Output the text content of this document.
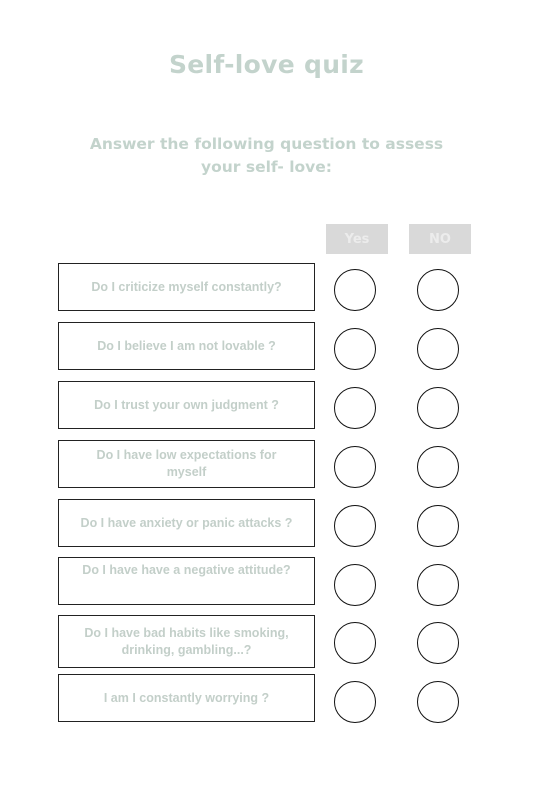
Self-love quiz
Answer the following question to assess your self- love:
Yes	NO
Do I criticize myself constantly?
Do I believe I am not lovable ?
Do I trust your own judgment ?
Do I have low expectations for myself
Do I have anxiety or panic attacks ?
Do I have have a negative attitude?
Do I have bad habits like smoking, drinking, gambling...?
I am I constantly worrying ?
